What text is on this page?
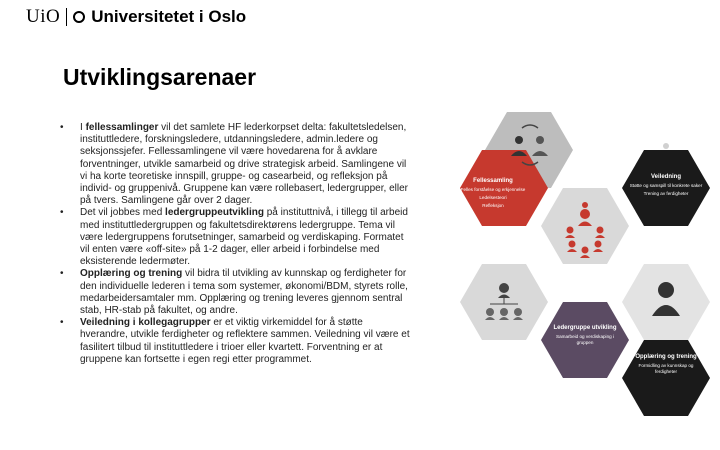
UiO Universitetet i Oslo
Utviklingsarenaer
• I fellessamlinger vil det samlete HF lederkorpset delta: fakultetsledelsen, instituttledere, forskningsledere, utdanningsledere, admin.ledere og seksjonssjefer. Fellessamlingene vil være hovedarena for å avklare forventninger, utvikle samarbeid og drive strategisk arbeid. Samlingene vil vi ha korte teoretiske innspill, gruppe- og casearbeid, og refleksjon på individ- og gruppenivå. Gruppene kan være rollebasert, ledergrupper, eller på tvers. Samlingene går over 2 dager.
• Det vil jobbes med ledergruppeutvikling på instituttnivå, i tillegg til arbeid med instituttledergruppen og fakultetsdirektørens ledergruppe. Tema vil være ledergruppens forutsetninger, samarbeid og verdiskaping. Formatet vil enten være «off-site» på 1-2 dager, eller arbeid i forbindelse med eksisterende ledermøter.
• Opplæring og trening vil bidra til utvikling av kunnskap og ferdigheter for den individuelle lederen i tema som systemer, økonomi/BDM, styrets rolle, medarbeidersamtaler mm. Opplæring og trening leveres gjennom sentral stab, HR-stab på fakultet, og andre.
• Veiledning i kollegagrupper er et viktig virkemiddel for å støtte hverandre, utvikle ferdigheter og reflektere sammen. Veiledning vil være et fasilitert tilbud til instituttledere i trioer eller kvartett. Forventning er at gruppene kan fortsette i egen regi etter programmet.
Fellessamling
Felles forståelse og erkjennelse
Ledelsesteori
Refleksjon
Veiledning
Støtte og samspill til konkrete saker
Trening av ferdigheter
Ledergruppe utvikling
Samarbeid og verdiskaping i gruppen
Opplæring og trening
Formidling av kunnskap og ferdigheter
